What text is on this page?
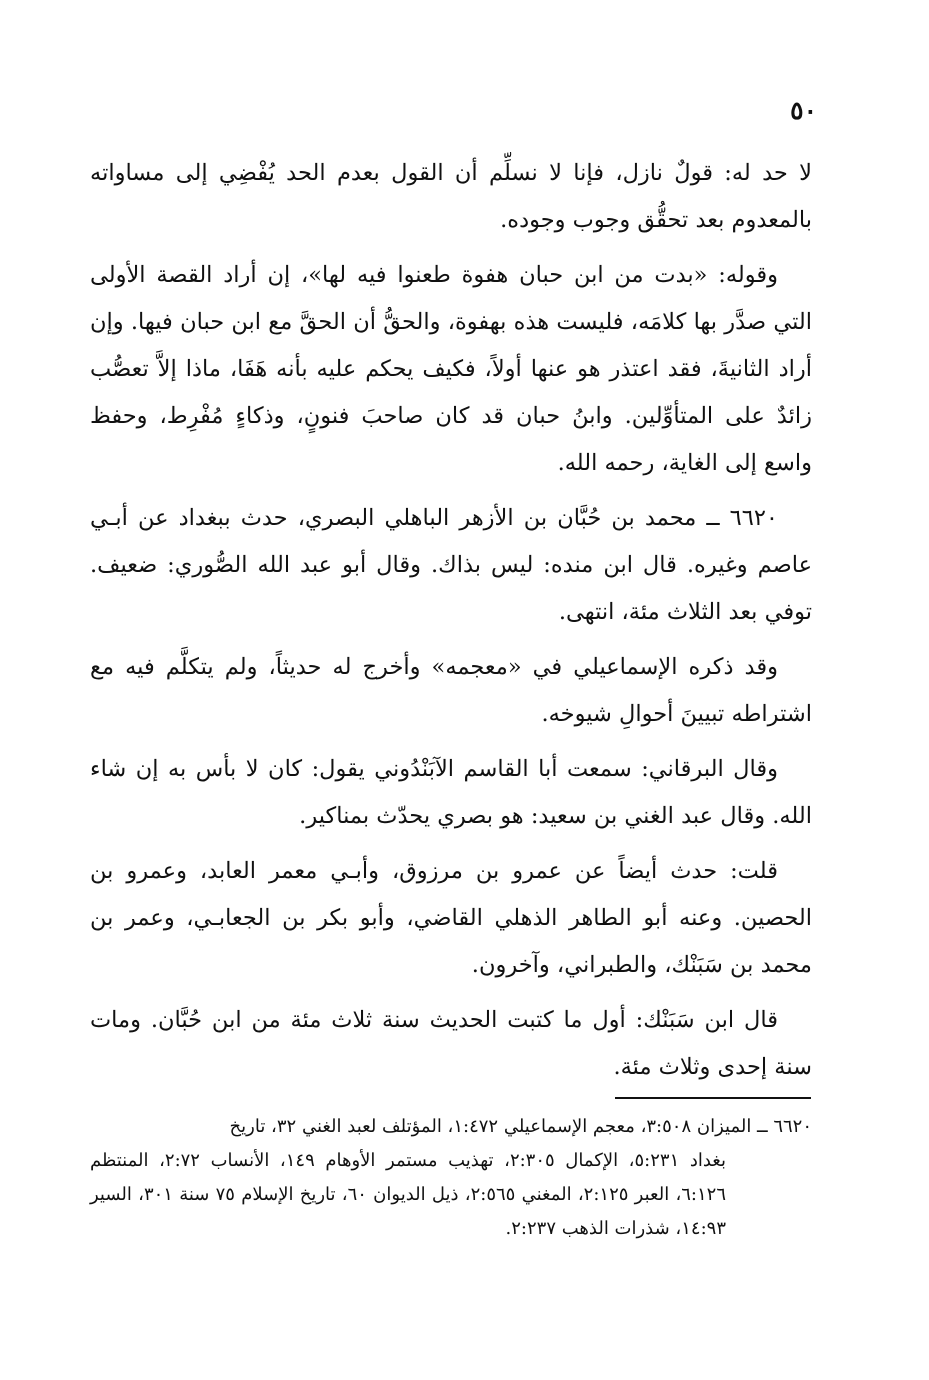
٥٠

لا حد له: قولٌ نازل، فإنا لا نسلِّم أن القول بعدم الحد يُفْضِي إلى مساواته بالمعدوم بعد تحقُّق وجوب وجوده.

وقوله: «بدت من ابن حبان هفوة طعنوا فيه لها»، إن أراد القصة الأولى التي صدَّر بها كلامَه، فليست هذه بهفوة، والحقُّ أن الحقَّ مع ابن حبان فيها. وإن أراد الثانيةَ، فقد اعتذر هو عنها أولاً، فكيف يحكم عليه بأنه هَفَا، ماذا إلاَّ تعصُّب زائدٌ على المتأوِّلين. وابنُ حبان قد كان صاحبَ فنونٍ، وذكاءٍ مُفْرِط، وحفظ واسع إلى الغاية، رحمه الله.

٦٦٢٠ ــ محمد بن حُبَّان بن الأزهر الباهلي البصري، حدث ببغداد عن أبـي عاصم وغيره. قال ابن منده: ليس بذاك. وقال أبو عبد الله الصُّوري: ضعيف. توفي بعد الثلاث مئة، انتهى.

وقد ذكره الإسماعيلي في «معجمه» وأخرج له حديثاً، ولم يتكلَّم فيه مع اشتراطه تبيينَ أحوالِ شيوخه.

وقال البرقاني: سمعت أبا القاسم الآبَنْدُوني يقول: كان لا بأس به إن شاء الله. وقال عبد الغني بن سعيد: هو بصري يحدّث بمناكير.

قلت: حدث أيضاً عن عمرو بن مرزوق، وأبـي معمر العابد، وعمرو بن الحصين. وعنه أبو الطاهر الذهلي القاضي، وأبو بكر بن الجعابـي، وعمر بن محمد بن سَبَنْك، والطبراني، وآخرون.

قال ابن سَبَنْك: أول ما كتبت الحديث سنة ثلاث مئة من ابن حُبَّان. ومات سنة إحدى وثلاث مئة.

٦٦٢٠ ــ الميزان ٣:٥٠٨، معجم الإسماعيلي ١:٤٧٢، المؤتلف لعبد الغني ٣٢، تاريخ

بغداد ٥:٢٣١، الإكمال ٢:٣٠٥، تهذيب مستمر الأوهام ١٤٩، الأنساب ٢:٧٢، المنتظم ٦:١٢٦، العبر ٢:١٢٥، المغني ٢:٥٦٥، ذيل الديوان ٦٠، تاريخ الإسلام ٧٥ سنة ٣٠١، السير ١٤:٩٣، شذرات الذهب ٢:٢٣٧.
